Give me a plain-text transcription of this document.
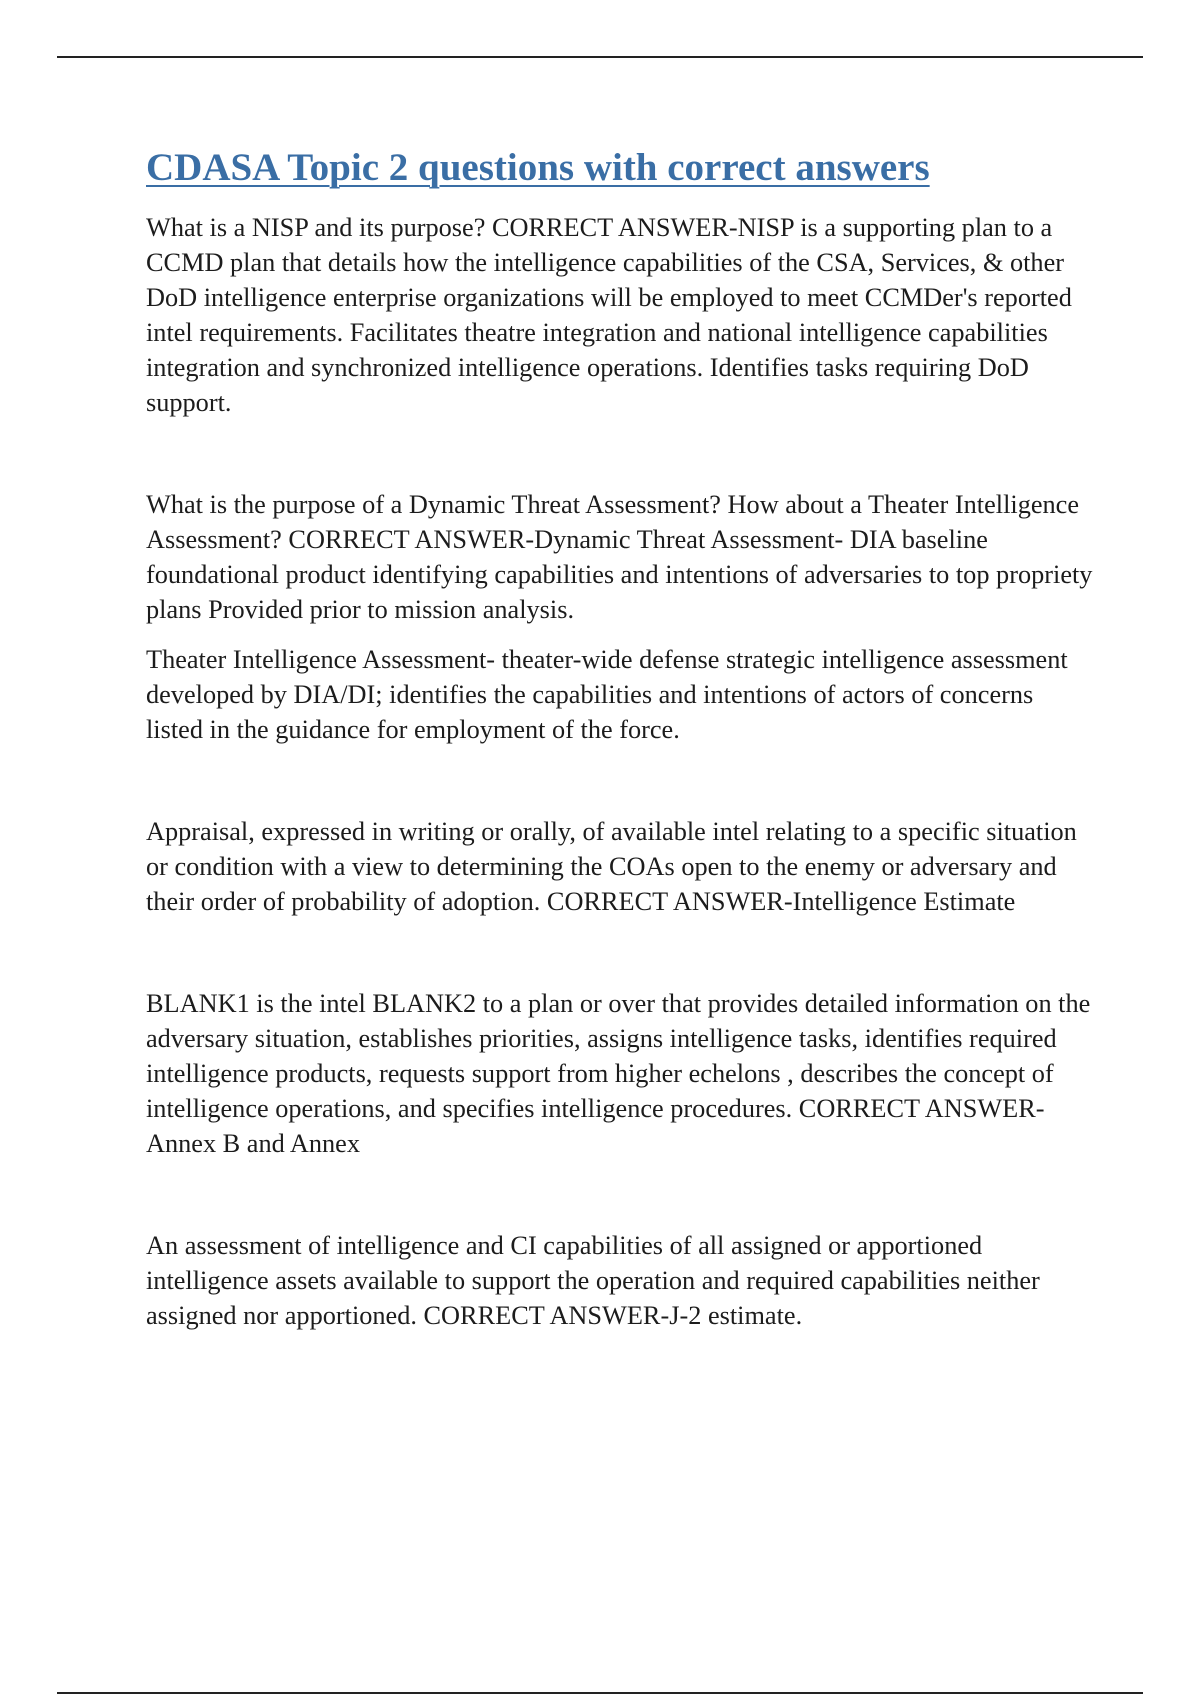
CDASA Topic 2 questions with correct answers

What is a NISP and its purpose? CORRECT ANSWER-NISP is a supporting plan to a CCMD plan that details how the intelligence capabilities of the CSA, Services, & other DoD intelligence enterprise organizations will be employed to meet CCMDer's reported intel requirements. Facilitates theatre integration and national intelligence capabilities integration and synchronized intelligence operations. Identifies tasks requiring DoD support.

What is the purpose of a Dynamic Threat Assessment? How about a Theater Intelligence Assessment? CORRECT ANSWER-Dynamic Threat Assessment- DIA baseline foundational product identifying capabilities and intentions of adversaries to top propriety plans Provided prior to mission analysis.

Theater Intelligence Assessment- theater-wide defense strategic intelligence assessment developed by DIA/DI; identifies the capabilities and intentions of actors of concerns listed in the guidance for employment of the force.

Appraisal, expressed in writing or orally, of available intel relating to a specific situation or condition with a view to determining the COAs open to the enemy or adversary and their order of probability of adoption. CORRECT ANSWER-Intelligence Estimate

BLANK1 is the intel BLANK2 to a plan or over that provides detailed information on the adversary situation, establishes priorities, assigns intelligence tasks, identifies required intelligence products, requests support from higher echelons , describes the concept of intelligence operations, and specifies intelligence procedures. CORRECT ANSWER-Annex B and Annex

An assessment of intelligence and CI capabilities of all assigned or apportioned intelligence assets available to support the operation and required capabilities neither assigned nor apportioned. CORRECT ANSWER-J-2 estimate.
